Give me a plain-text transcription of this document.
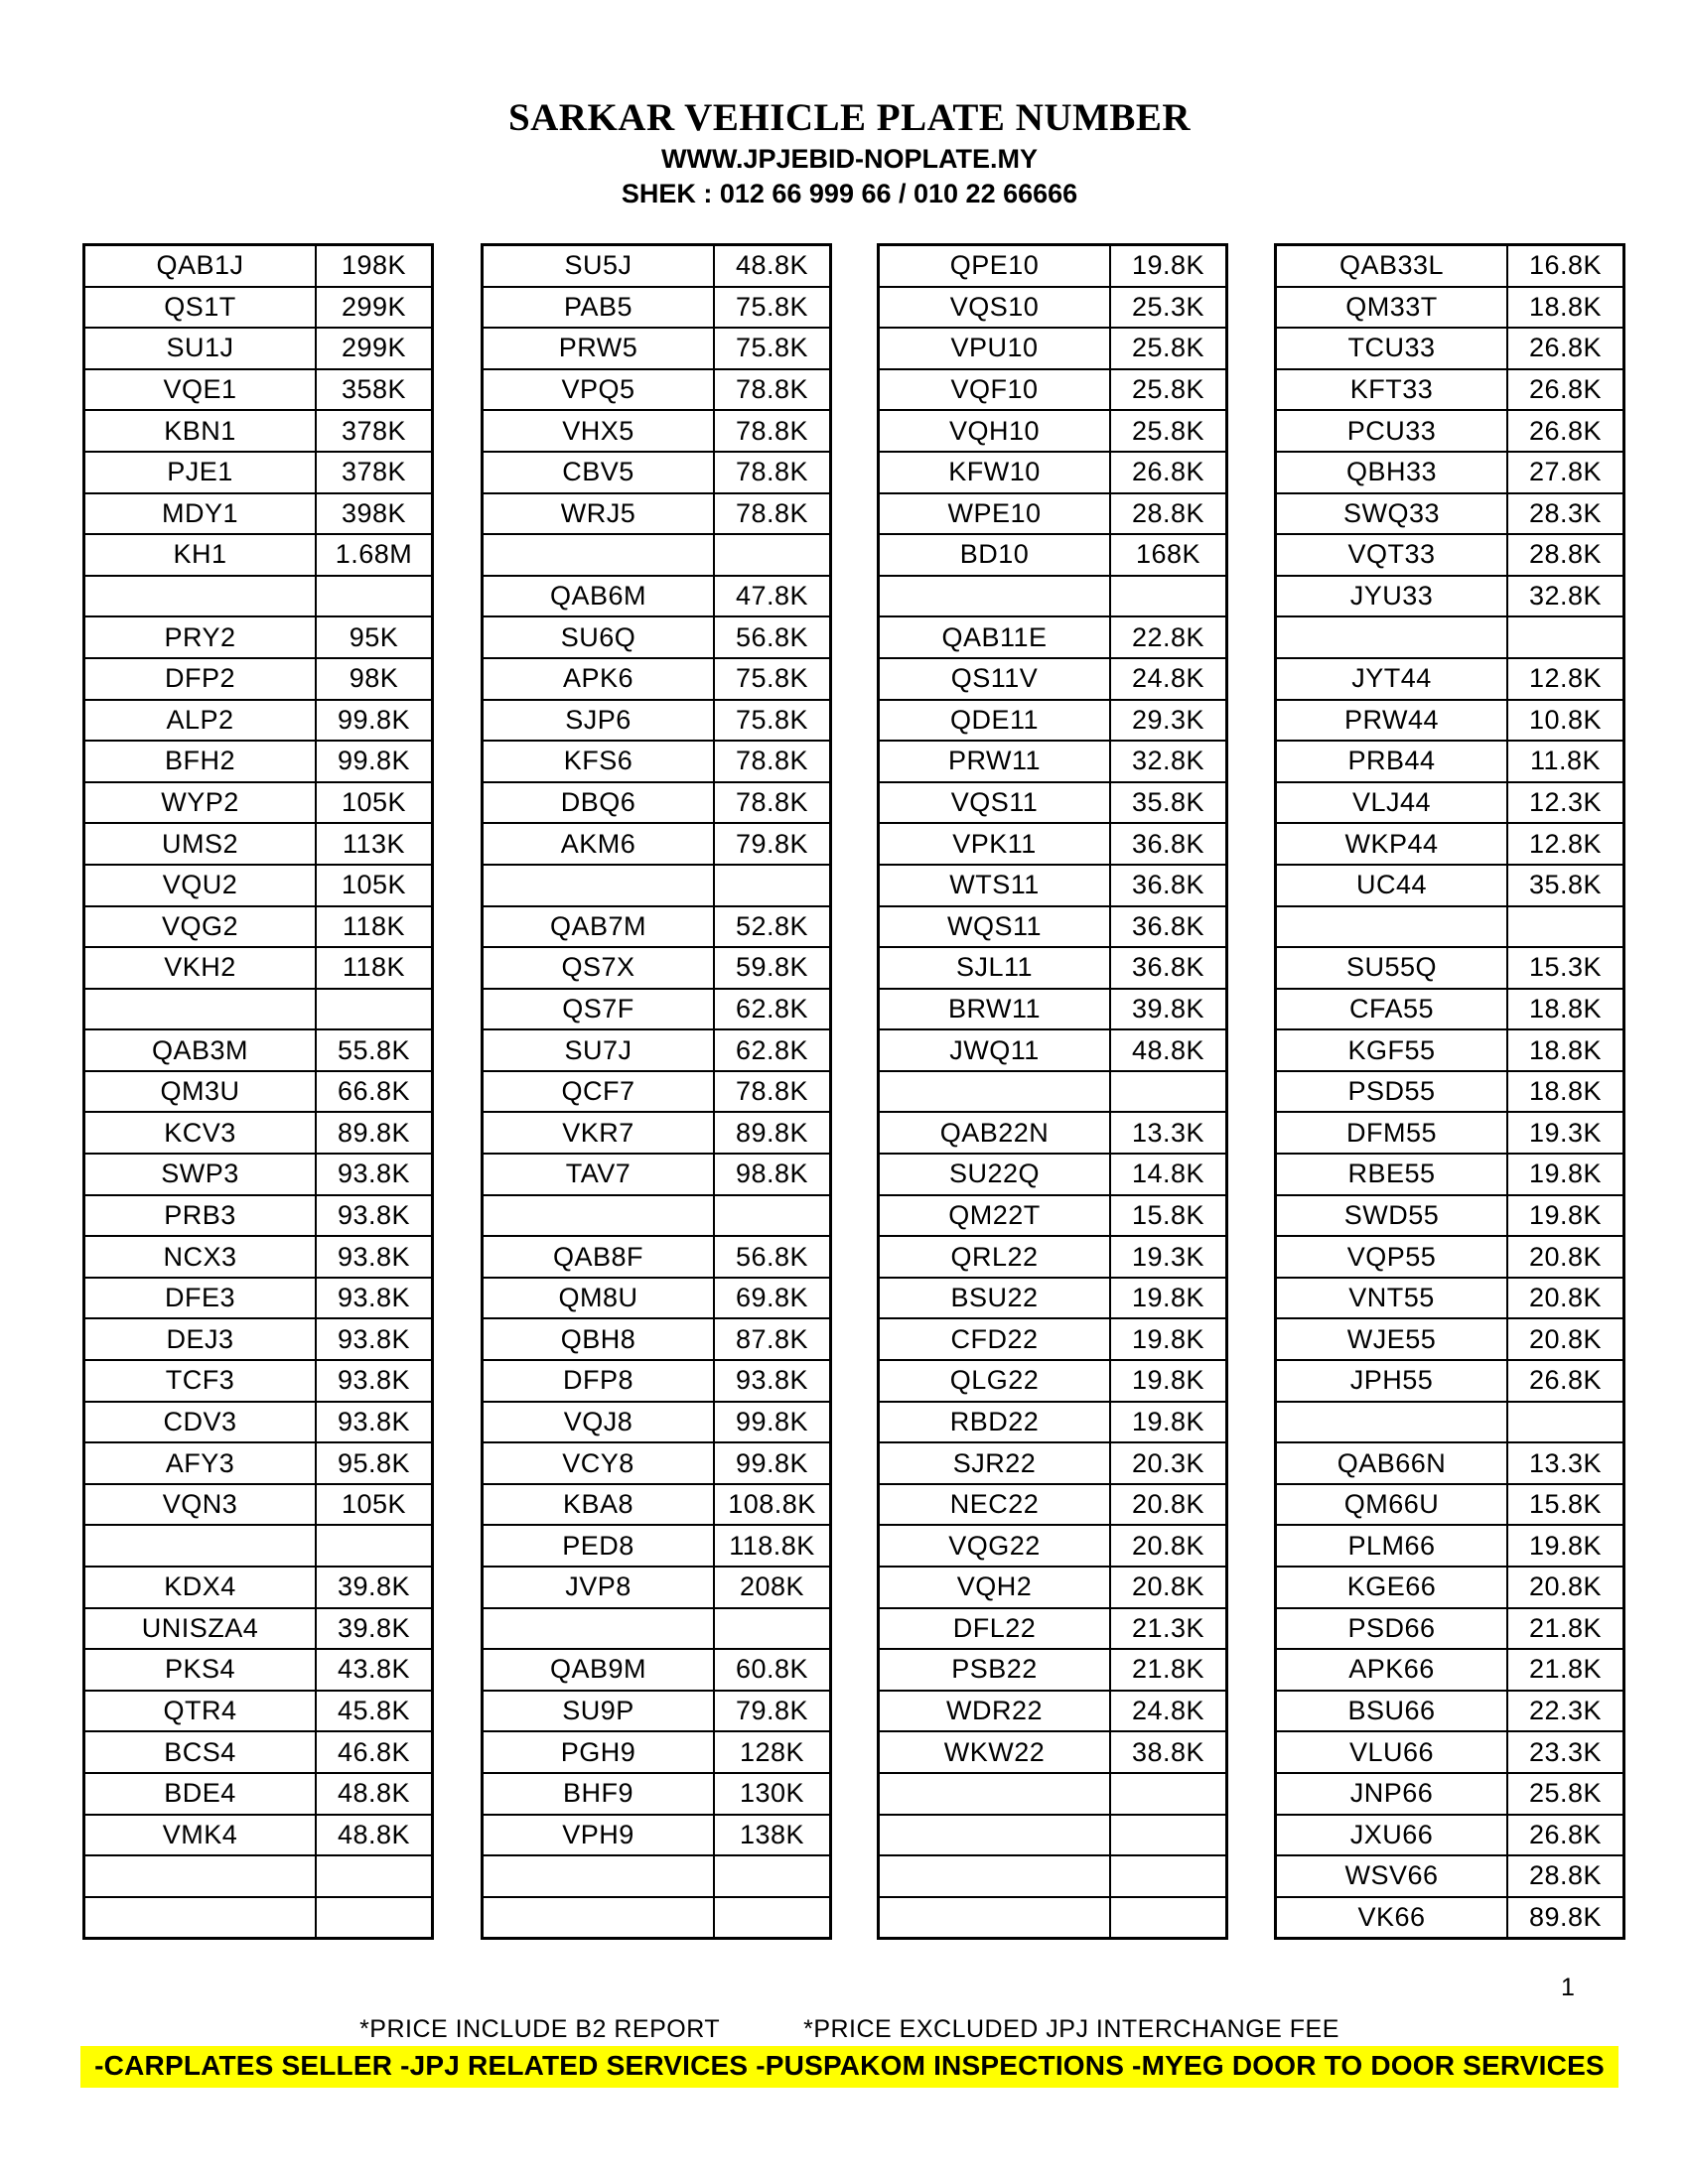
SARKAR VEHICLE PLATE NUMBER
WWW.JPJEBID-NOPLATE.MY
SHEK : 012 66 999 66 / 010 22 66666
QAB1J	198K
QS1T	299K
SU1J	299K
VQE1	358K
KBN1	378K
PJE1	378K
MDY1	398K
KH1	1.68M
PRY2	95K
DFP2	98K
ALP2	99.8K
BFH2	99.8K
WYP2	105K
UMS2	113K
VQU2	105K
VQG2	118K
VKH2	118K
QAB3M	55.8K
QM3U	66.8K
KCV3	89.8K
SWP3	93.8K
PRB3	93.8K
NCX3	93.8K
DFE3	93.8K
DEJ3	93.8K
TCF3	93.8K
CDV3	93.8K
AFY3	95.8K
VQN3	105K
KDX4	39.8K
UNISZA4	39.8K
PKS4	43.8K
QTR4	45.8K
BCS4	46.8K
BDE4	48.8K
VMK4	48.8K
SU5J	48.8K
PAB5	75.8K
PRW5	75.8K
VPQ5	78.8K
VHX5	78.8K
CBV5	78.8K
WRJ5	78.8K
QAB6M	47.8K
SU6Q	56.8K
APK6	75.8K
SJP6	75.8K
KFS6	78.8K
DBQ6	78.8K
AKM6	79.8K
QAB7M	52.8K
QS7X	59.8K
QS7F	62.8K
SU7J	62.8K
QCF7	78.8K
VKR7	89.8K
TAV7	98.8K
QAB8F	56.8K
QM8U	69.8K
QBH8	87.8K
DFP8	93.8K
VQJ8	99.8K
VCY8	99.8K
KBA8	108.8K
PED8	118.8K
JVP8	208K
QAB9M	60.8K
SU9P	79.8K
PGH9	128K
BHF9	130K
VPH9	138K
QPE10	19.8K
VQS10	25.3K
VPU10	25.8K
VQF10	25.8K
VQH10	25.8K
KFW10	26.8K
WPE10	28.8K
BD10	168K
QAB11E	22.8K
QS11V	24.8K
QDE11	29.3K
PRW11	32.8K
VQS11	35.8K
VPK11	36.8K
WTS11	36.8K
WQS11	36.8K
SJL11	36.8K
BRW11	39.8K
JWQ11	48.8K
QAB22N	13.3K
SU22Q	14.8K
QM22T	15.8K
QRL22	19.3K
BSU22	19.8K
CFD22	19.8K
QLG22	19.8K
RBD22	19.8K
SJR22	20.3K
NEC22	20.8K
VQG22	20.8K
VQH2	20.8K
DFL22	21.3K
PSB22	21.8K
WDR22	24.8K
WKW22	38.8K
QAB33L	16.8K
QM33T	18.8K
TCU33	26.8K
KFT33	26.8K
PCU33	26.8K
QBH33	27.8K
SWQ33	28.3K
VQT33	28.8K
JYU33	32.8K
JYT44	12.8K
PRW44	10.8K
PRB44	11.8K
VLJ44	12.3K
WKP44	12.8K
UC44	35.8K
SU55Q	15.3K
CFA55	18.8K
KGF55	18.8K
PSD55	18.8K
DFM55	19.3K
RBE55	19.8K
SWD55	19.8K
VQP55	20.8K
VNT55	20.8K
WJE55	20.8K
JPH55	26.8K
QAB66N	13.3K
QM66U	15.8K
PLM66	19.8K
KGE66	20.8K
PSD66	21.8K
APK66	21.8K
BSU66	22.3K
VLU66	23.3K
JNP66	25.8K
JXU66	26.8K
WSV66	28.8K
VK66	89.8K
1
*PRICE INCLUDE B2 REPORT	*PRICE EXCLUDED JPJ INTERCHANGE FEE
-CARPLATES SELLER -JPJ RELATED SERVICES -PUSPAKOM INSPECTIONS -MYEG DOOR TO DOOR SERVICES
